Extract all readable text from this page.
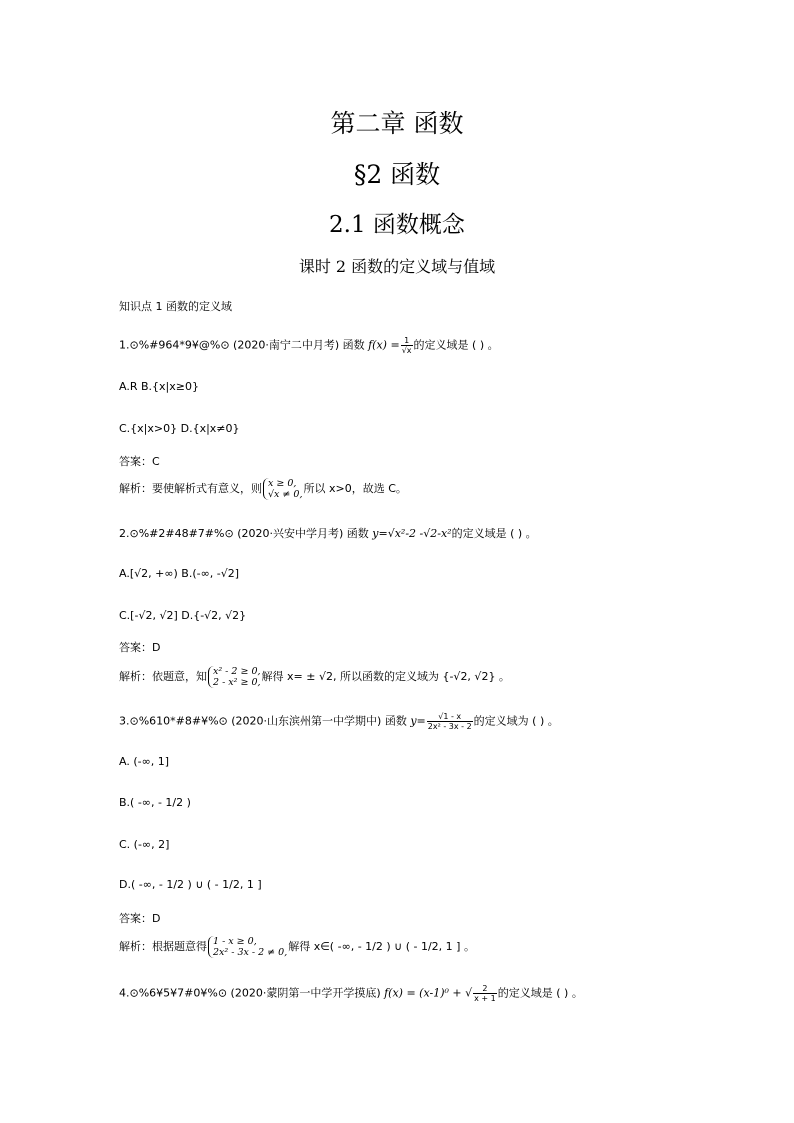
第二章 函数
§2 函数
2.1 函数概念
课时 2 函数的定义域与值域
知识点 1 函数的定义域
1.⊙%#964*9¥@%⊙ (2020·南宁二中月考) 函数 $f(x) = \frac{1}{√x}$ 的定义域是 ( ) 。
A.R B.{x|x≥0}
C.{x|x>0} D.{x|x≠0}
答案：C
解析：要使解析式有意义，则 x ≥ 0,
√x ≠ 0, 所以 x>0，故选 C。
2.⊙%#2#48#7#%⊙ (2020·兴安中学月考) 函数 y=√x²-2 -√2-x²的定义域是 ( ) 。
A.[√2, +∞) B.(-∞, -√2]
C.[-√2, √2] D.{-√2, √2}
答案：D
解析：依题意，知 x² - 2 ≥ 0,
2 - x² ≥ 0, 解得 x= ± √2, 所以函数的定义域为 {-√2, √2} 。
3.⊙%610*#8#¥%⊙ (2020·山东滨州第一中学期中) 函数 $y= \frac{√1 - x}{\text{2x² - 3x - 2}}$ 的定义域为 ( ) 。
A. (-∞, 1]
B.( -∞, - 1/2 )
C. (-∞, 2]
D.( -∞, - 1/2 ) ∪ ( - 1/2, 1 ]
答案：D
解析：根据题意得 1 - x ≥ 0,
2x² - 3x - 2 ≠ 0, 解得 x∈( -∞, - 1/2 ) ∪ ( - 1/2, 1 ] 。
4.⊙%6¥5¥7#0¥%⊙ (2020·蒙阴第一中学开学摸底) f(x) = (x-1)⁰ + √ $\frac{2}{x + 1}$ 的定义域是 ( ) 。
